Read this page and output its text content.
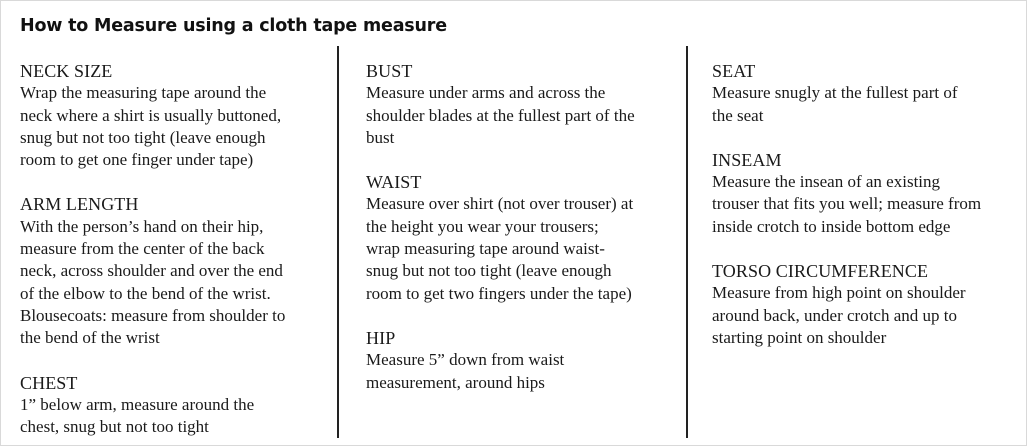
How to Measure using a cloth tape measure
NECK SIZE

Wrap the measuring tape around the
neck where a shirt is usually buttoned,
snug but not too tight (leave enough
room to get one finger under tape)

ARM LENGTH

With the person’s hand on their hip,
measure from the center of the back
neck, across shoulder and over the end
of the elbow to the bend of the wrist.
Blousecoats: measure from shoulder to
the bend of the wrist

CHEST

1” below arm, measure around the
chest, snug but not too tight

BUST

Measure under arms and across the
shoulder blades at the fullest part of the
bust

WAIST

Measure over shirt (not over trouser) at
the height you wear your trousers;
wrap measuring tape around waist-
snug but not too tight (leave enough
room to get two fingers under the tape)

HIP

Measure 5” down from waist
measurement, around hips

SEAT

Measure snugly at the fullest part of
the seat

INSEAM

Measure the insean of an existing
trouser that fits you well; measure from
inside crotch to inside bottom edge

TORSO CIRCUMFERENCE

Measure from high point on shoulder
around back, under crotch and up to
starting point on shoulder
